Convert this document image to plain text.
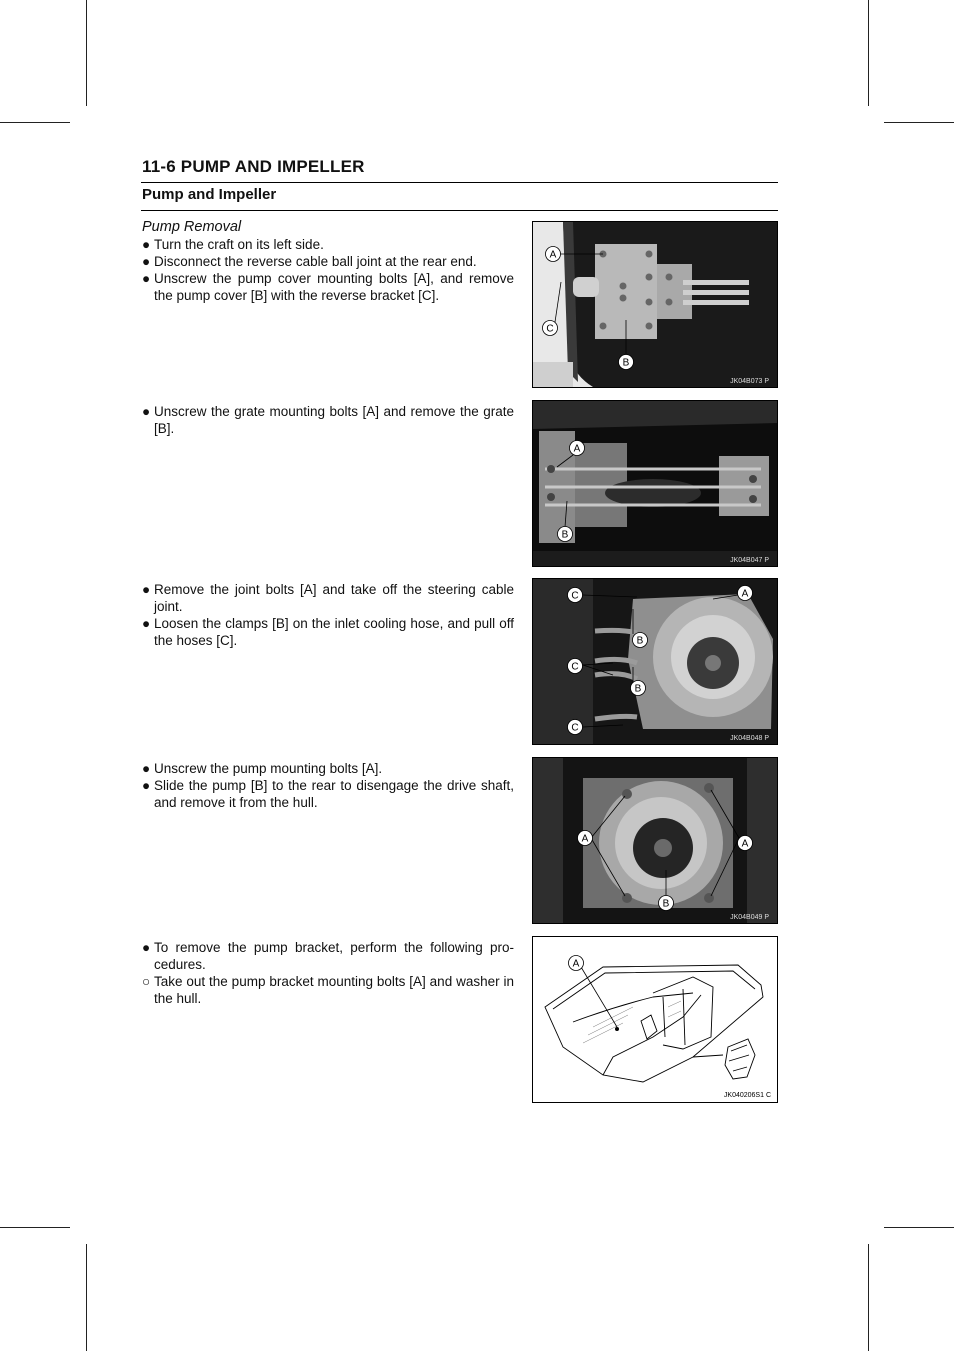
11-6 PUMP AND IMPELLER
Pump and Impeller
Pump Removal
● Turn the craft on its left side.
● Disconnect the reverse cable ball joint at the rear end.
● Unscrew the pump cover mounting bolts [A], and remove the pump cover [B] with the reverse bracket [C].
● Unscrew the grate mounting bolts [A] and remove the grate [B].
● Remove the joint bolts [A] and take off the steering cable joint.
● Loosen the clamps [B] on the inlet cooling hose, and pull off the hoses [C].
● Unscrew the pump mounting bolts [A].
● Slide the pump [B] to the rear to disengage the drive shaft, and remove it from the hull.
● To remove the pump bracket, perform the following pro-cedures.
○ Take out the pump bracket mounting bolts [A] and washer in the hull.
A
C
B
JK04B073 P
A
B
JK04B047 P
C	A
B
C
B
C
JK04B048 P
A	A
B
JK04B049 P
A
JK040206S1 C
